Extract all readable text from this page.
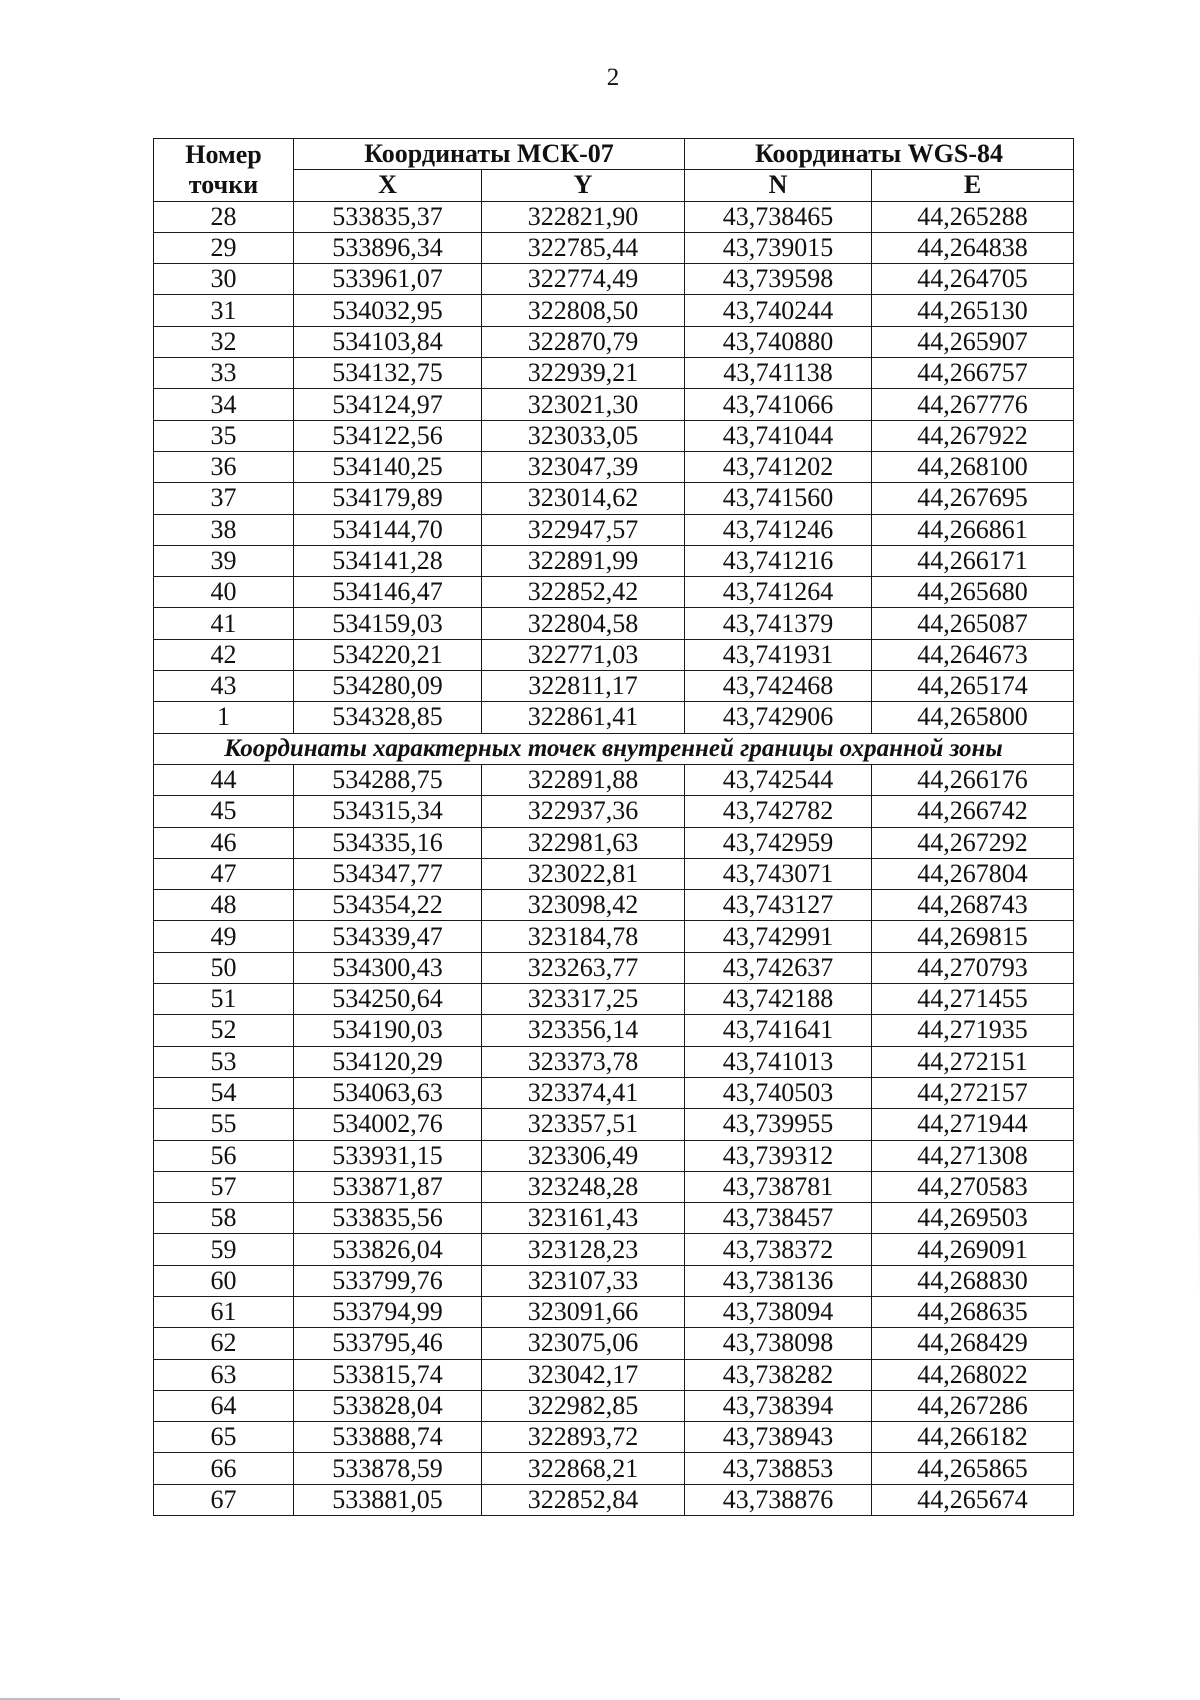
2
Номер точки	Координаты МСК-07		Координаты WGS-84	
	X	Y	N	E
28	533835,37	322821,90	43,738465	44,265288
29	533896,34	322785,44	43,739015	44,264838
30	533961,07	322774,49	43,739598	44,264705
31	534032,95	322808,50	43,740244	44,265130
32	534103,84	322870,79	43,740880	44,265907
33	534132,75	322939,21	43,741138	44,266757
34	534124,97	323021,30	43,741066	44,267776
35	534122,56	323033,05	43,741044	44,267922
36	534140,25	323047,39	43,741202	44,268100
37	534179,89	323014,62	43,741560	44,267695
38	534144,70	322947,57	43,741246	44,266861
39	534141,28	322891,99	43,741216	44,266171
40	534146,47	322852,42	43,741264	44,265680
41	534159,03	322804,58	43,741379	44,265087
42	534220,21	322771,03	43,741931	44,264673
43	534280,09	322811,17	43,742468	44,265174
1	534328,85	322861,41	43,742906	44,265800
Координаты характерных точек внутренней границы охранной зоны				
44	534288,75	322891,88	43,742544	44,266176
45	534315,34	322937,36	43,742782	44,266742
46	534335,16	322981,63	43,742959	44,267292
47	534347,77	323022,81	43,743071	44,267804
48	534354,22	323098,42	43,743127	44,268743
49	534339,47	323184,78	43,742991	44,269815
50	534300,43	323263,77	43,742637	44,270793
51	534250,64	323317,25	43,742188	44,271455
52	534190,03	323356,14	43,741641	44,271935
53	534120,29	323373,78	43,741013	44,272151
54	534063,63	323374,41	43,740503	44,272157
55	534002,76	323357,51	43,739955	44,271944
56	533931,15	323306,49	43,739312	44,271308
57	533871,87	323248,28	43,738781	44,270583
58	533835,56	323161,43	43,738457	44,269503
59	533826,04	323128,23	43,738372	44,269091
60	533799,76	323107,33	43,738136	44,268830
61	533794,99	323091,66	43,738094	44,268635
62	533795,46	323075,06	43,738098	44,268429
63	533815,74	323042,17	43,738282	44,268022
64	533828,04	322982,85	43,738394	44,267286
65	533888,74	322893,72	43,738943	44,266182
66	533878,59	322868,21	43,738853	44,265865
67	533881,05	322852,84	43,738876	44,265674
